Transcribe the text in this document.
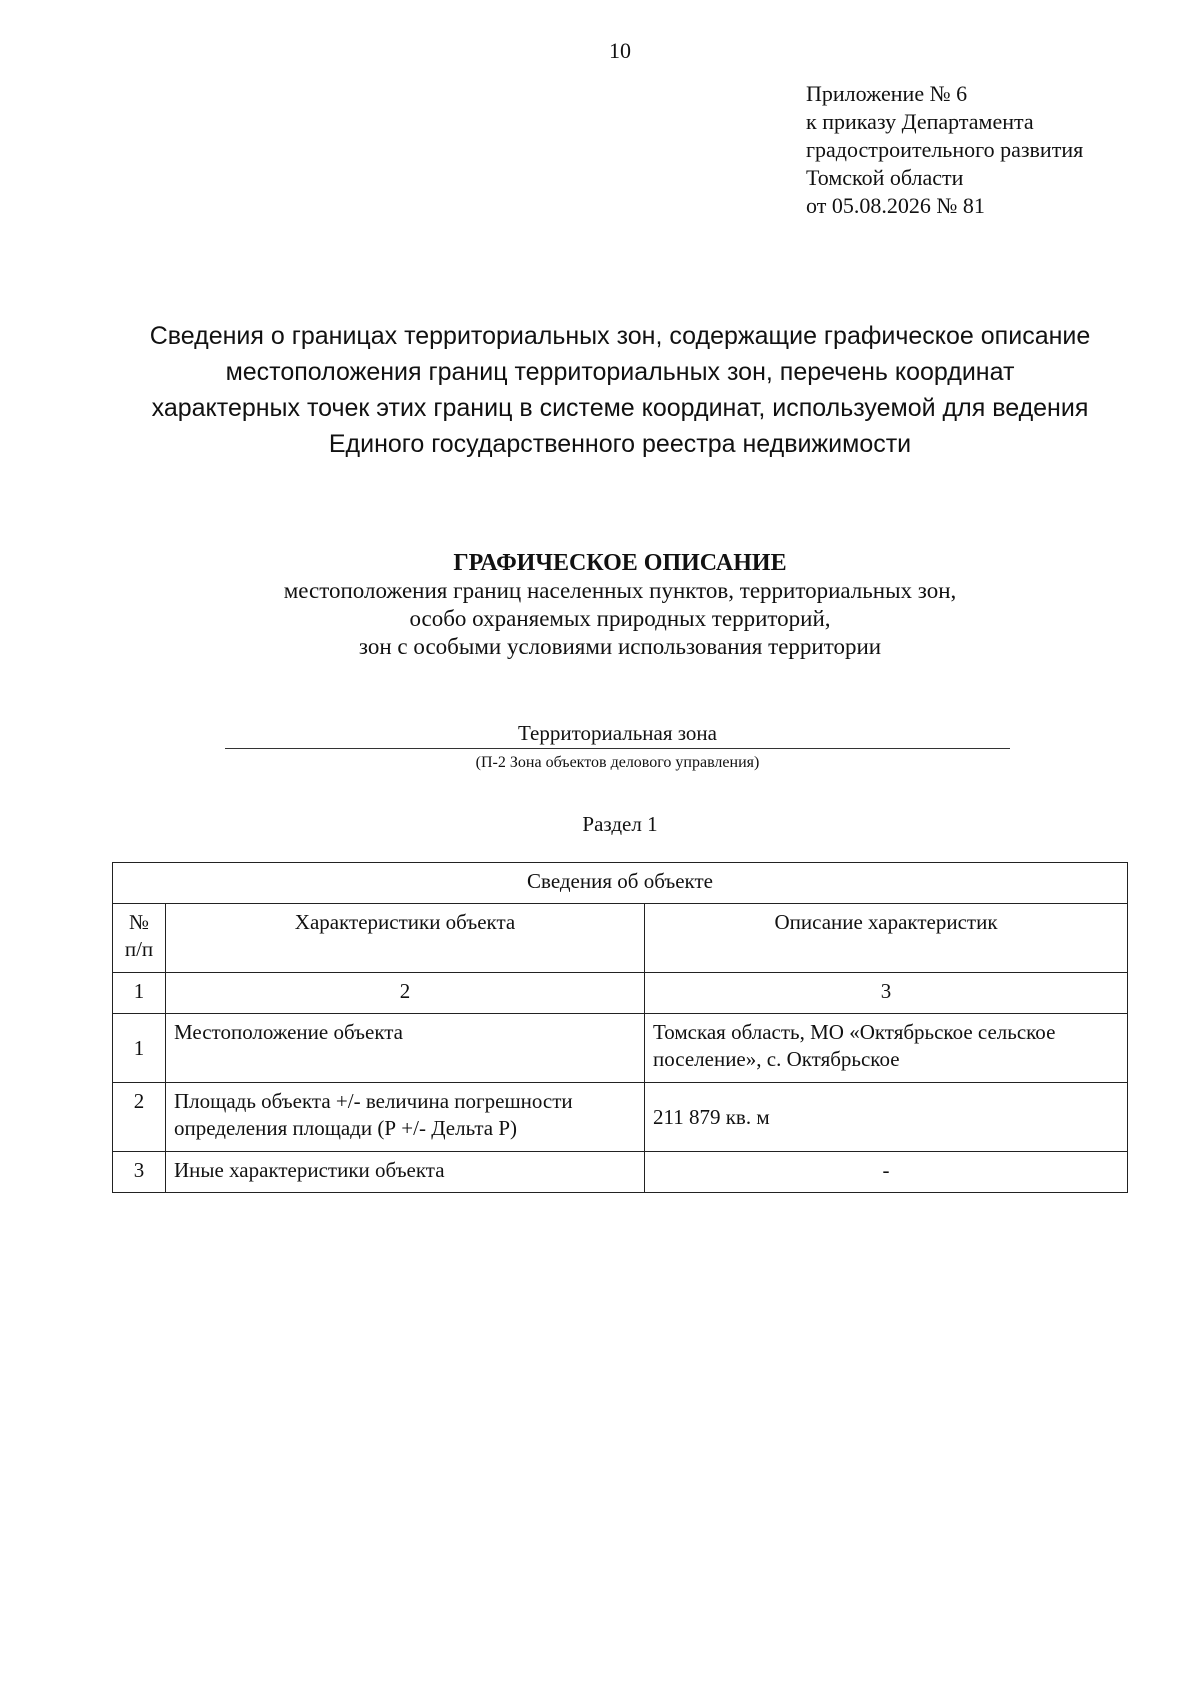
10
Приложение № 6
к приказу Департамента
градостроительного развития
Томской области
от 05.08.2026 № 81
Сведения о границах территориальных зон, содержащие графическое описание
местоположения границ территориальных зон, перечень координат
характерных точек этих границ в системе координат, используемой для ведения
Единого государственного реестра недвижимости
ГРАФИЧЕСКОЕ ОПИСАНИЕ
местоположения границ населенных пунктов, территориальных зон,
особо охраняемых природных территорий,
зон с особыми условиями использования территории
Территориальная зона
(П-2 Зона объектов делового управления)
Раздел 1
Сведения об объекте		
№ п/п	Характеристики объекта	Описание характеристик
1	2	3
1	Местоположение объекта	Томская область, МО «Октябрьское сельское поселение», с. Октябрьское
2	Площадь объекта +/- величина погрешности определения площади (Р +/- Дельта Р)	211 879 кв. м
3	Иные характеристики объекта	-
